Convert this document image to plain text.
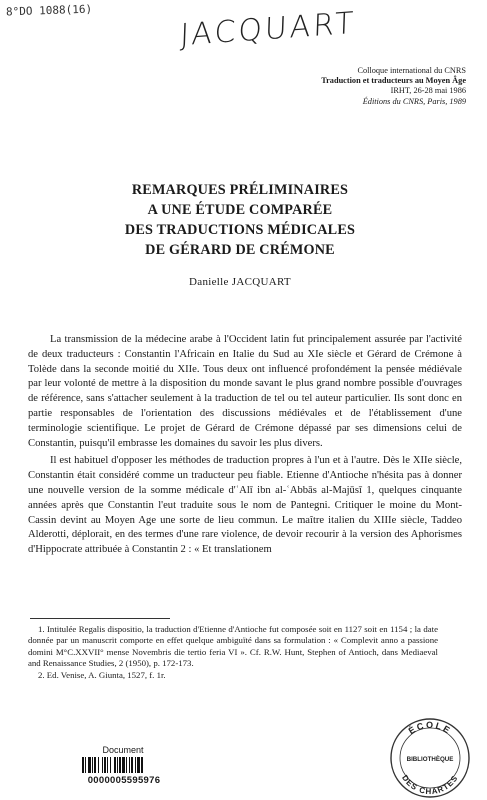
8°DO 1088(16)	JACQUART
Colloque international du CNRS
Traduction et traducteurs au Moyen Âge
IRHT, 26-28 mai 1986
Éditions du CNRS, Paris, 1989
REMARQUES PRÉLIMINAIRES
A UNE ÉTUDE COMPARÉE
DES TRADUCTIONS MÉDICALES
DE GÉRARD DE CRÉMONE
Danielle JACQUART

La transmission de la médecine arabe à l'Occident latin fut principalement assurée par l'activité de deux traducteurs : Constantin l'Africain en Italie du Sud au XIe siècle et Gérard de Crémone à Tolède dans la seconde moitié du XIIe. Tous deux ont influencé profondément la pensée médiévale par leur volonté de mettre à la disposition du monde savant le plus grand nombre possible d'ouvrages de référence, sans s'attacher seulement à la traduction de tel ou tel auteur particulier. Ils sont donc en partie responsables de l'orientation des discussions médiévales et de l'établissement d'une terminologie scientifique. Le projet de Gérard de Crémone dépassé par ses dimensions celui de Constantin, puisqu'il embrasse les domaines du savoir les plus divers.

Il est habituel d'opposer les méthodes de traduction propres à l'un et à l'autre. Dès le XIIe siècle, Constantin était considéré comme un traducteur peu fiable. Etienne d'Antioche n'hésita pas à donner une nouvelle version de la somme médicale d'ʿAlī ibn al-ʿAbbās al-Majūsī 1, quelques cinquante années après que Constantin l'eut traduite sous le nom de Pantegni. Critiquer le moine du Mont-Cassin devint au Moyen Age une sorte de lieu commun. Le maître italien du XIIIe siècle, Taddeo Alderotti, déplorait, en des termes d'une rare violence, de devoir recourir à la version des Aphorismes d'Hippocrate attribuée à Constantin 2 : « Et translationem

1. Intitulée Regalis dispositio, la traduction d'Etienne d'Antioche fut composée soit en 1127 soit en 1154 ; la date donnée par un manuscrit comporte en effet quelque ambiguïté dans sa formulation : « Complevit anno a passione domini M°C.XXVII° mense Novembris die tertio feria VI ». Cf. R.W. Hunt, Stephen of Antioch, dans Mediaeval and Renaissance Studies, 2 (1950), p. 172-173.

2. Ed. Venise, A. Giunta, 1527, f. 1r.

Document
0000005595976
ÉCOLE
BIBLIOTHÈQUE
DES CHARTES
